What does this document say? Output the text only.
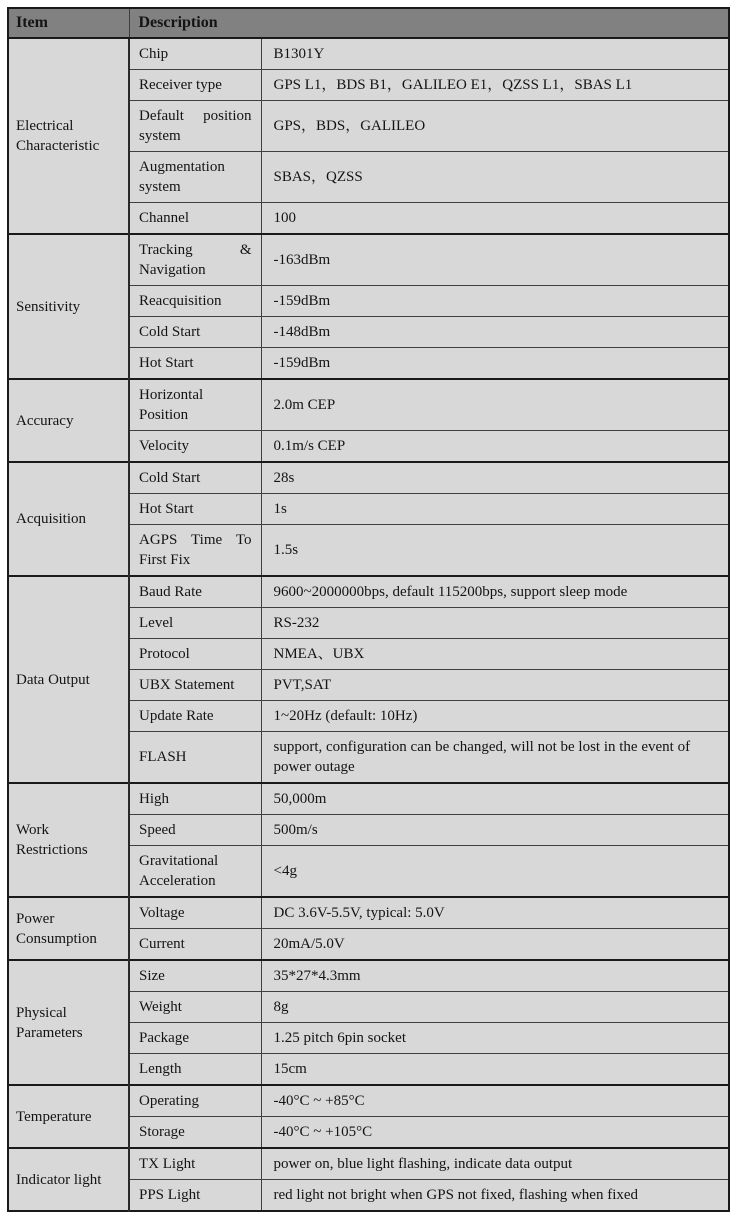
Item	Description	
Electrical Characteristic	Chip	B1301Y
	Receiver type	GPS L1，BDS B1，GALILEO E1，QZSS L1，SBAS L1
	Default position system	GPS，BDS，GALILEO
	Augmentation system	SBAS，QZSS
	Channel	100
Sensitivity	Tracking & Navigation	-163dBm
	Reacquisition	-159dBm
	Cold Start	-148dBm
	Hot Start	-159dBm
Accuracy	Horizontal Position	2.0m CEP
	Velocity	0.1m/s CEP
Acquisition	Cold Start	28s
	Hot Start	1s
	AGPS Time To First Fix	1.5s
Data Output	Baud Rate	9600~2000000bps, default 115200bps, support sleep mode
	Level	RS-232
	Protocol	NMEA、UBX
	UBX Statement	PVT,SAT
	Update Rate	1~20Hz (default: 10Hz)
	FLASH	support, configuration can be changed, will not be lost in the event of power outage
Work Restrictions	High	50,000m
	Speed	500m/s
	Gravitational Acceleration	<4g
Power Consumption	Voltage	DC 3.6V-5.5V, typical: 5.0V
	Current	20mA/5.0V
Physical Parameters	Size	35*27*4.3mm
	Weight	8g
	Package	1.25 pitch 6pin socket
	Length	15cm
Temperature	Operating	-40°C ~ +85°C
	Storage	-40°C ~ +105°C
Indicator light	TX Light	power on, blue light flashing, indicate data output
	PPS Light	red light not bright when GPS not fixed, flashing when fixed
